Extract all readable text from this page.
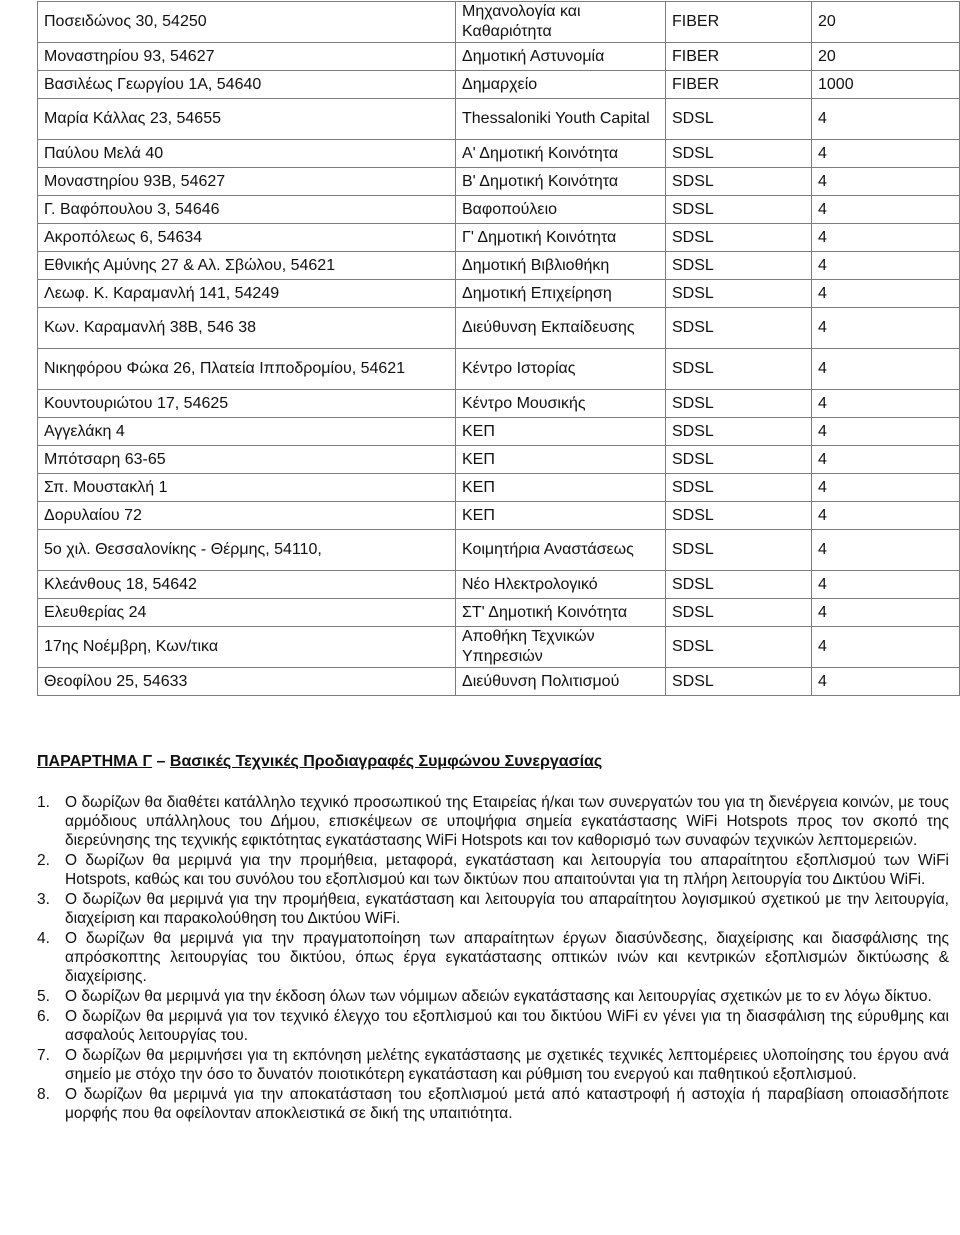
Ποσειδώνος 30, 54250	Μηχανολογία και Καθαριότητα	FIBER	20
Μοναστηρίου 93, 54627	Δημοτική Αστυνομία	FIBER	20
Βασιλέως Γεωργίου 1Α, 54640	Δημαρχείο	FIBER	1000
Μαρία Κάλλας 23, 54655	Thessaloniki Youth Capital	SDSL	4
Παύλου Μελά 40	Α' Δημοτική Κοινότητα	SDSL	4
Μοναστηρίου 93Β, 54627	Β' Δημοτική Κοινότητα	SDSL	4
Γ. Βαφόπουλου 3, 54646	Βαφοπούλειο	SDSL	4
Ακροπόλεως 6, 54634	Γ' Δημοτική Κοινότητα	SDSL	4
Εθνικής Αμύνης 27 & Αλ. Σβώλου, 54621	Δημοτική Βιβλιοθήκη	SDSL	4
Λεωφ. Κ. Καραμανλή 141, 54249	Δημοτική Επιχείρηση	SDSL	4
Κων. Καραμανλή 38Β, 546 38	Διεύθυνση Εκπαίδευσης	SDSL	4
Νικηφόρου Φώκα 26, Πλατεία Ιπποδρομίου, 54621	Κέντρο Ιστορίας	SDSL	4
Κουντουριώτου 17, 54625	Κέντρο Μουσικής	SDSL	4
Αγγελάκη 4	ΚΕΠ	SDSL	4
Μπότσαρη 63-65	ΚΕΠ	SDSL	4
Σπ. Μουστακλή 1	ΚΕΠ	SDSL	4
Δορυλαίου 72	ΚΕΠ	SDSL	4
5ο χιλ. Θεσσαλονίκης - Θέρμης, 54110,	Κοιμητήρια Αναστάσεως	SDSL	4
Κλεάνθους 18, 54642	Νέο Ηλεκτρολογικό	SDSL	4
Ελευθερίας 24	ΣΤ' Δημοτική Κοινότητα	SDSL	4
17ης Νοέμβρη, Κων/τικα	Αποθήκη Τεχνικών Υπηρεσιών	SDSL	4
Θεοφίλου 25, 54633	Διεύθυνση Πολιτισμού	SDSL	4

ΠΑΡΑΡΤΗΜΑ Γ – Βασικές Τεχνικές Προδιαγραφές Συμφώνου Συνεργασίας

1. Ο δωρίζων θα διαθέτει κατάλληλο τεχνικό προσωπικού της Εταιρείας ή/και των συνεργατών του για τη διενέργεια κοινών, με τους αρμόδιους υπάλληλους του Δήμου, επισκέψεων σε υποψήφια σημεία εγκατάστασης WiFi Hotspots προς τον σκοπό της διερεύνησης της τεχνικής εφικτότητας εγκατάστασης WiFi Hotspots και τον καθορισμό των συναφών τεχνικών λεπτομερειών.
2. Ο δωρίζων θα μεριμνά για την προμήθεια, μεταφορά, εγκατάσταση και λειτουργία του απαραίτητου εξοπλισμού των WiFi Hotspots, καθώς και του συνόλου του εξοπλισμού και των δικτύων που απαιτούνται για τη πλήρη λειτουργία του Δικτύου WiFi.
3. Ο δωρίζων θα μεριμνά για την προμήθεια, εγκατάσταση και λειτουργία του απαραίτητου λογισμικού σχετικού με την λειτουργία, διαχείριση και παρακολούθηση του Δικτύου WiFi.
4. Ο δωρίζων θα μεριμνά για την πραγματοποίηση των απαραίτητων έργων διασύνδεσης, διαχείρισης και διασφάλισης της απρόσκοπτης λειτουργίας του δικτύου, όπως έργα εγκατάστασης οπτικών ινών και κεντρικών εξοπλισμών δικτύωσης & διαχείρισης.
5. Ο δωρίζων θα μεριμνά για την έκδοση όλων των νόμιμων αδειών εγκατάστασης και λειτουργίας σχετικών με το εν λόγω δίκτυο.
6. Ο δωρίζων θα μεριμνά για τον τεχνικό έλεγχο του εξοπλισμού και του δικτύου WiFi εν γένει για τη διασφάλιση της εύρυθμης και ασφαλούς λειτουργίας του.
7. Ο δωρίζων θα μεριμνήσει για τη εκπόνηση μελέτης εγκατάστασης με σχετικές τεχνικές λεπτομέρειες υλοποίησης του έργου ανά σημείο με στόχο την όσο το δυνατόν ποιοτικότερη εγκατάσταση και ρύθμιση του ενεργού και παθητικού εξοπλισμού.
8. Ο δωρίζων θα μεριμνά για την αποκατάσταση του εξοπλισμού μετά από καταστροφή ή αστοχία ή παραβίαση οποιασδήποτε μορφής που θα οφείλονταν αποκλειστικά σε δική της υπαιτιότητα.
